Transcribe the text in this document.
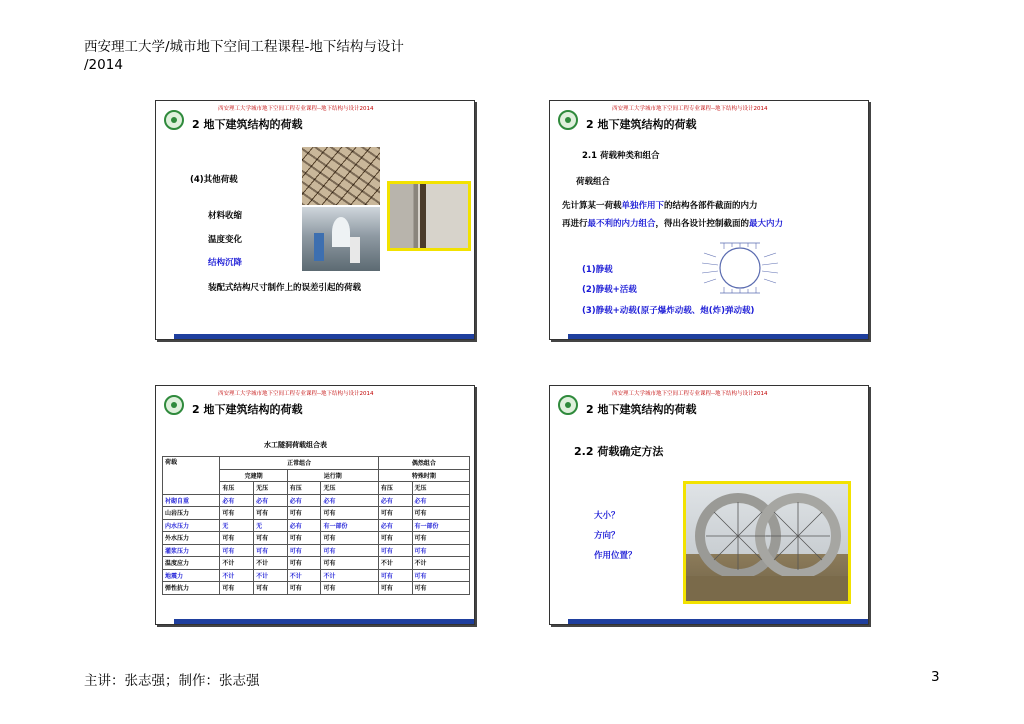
西安理工大学/城市地下空间工程课程-地下结构与设计
/2014
西安理工大学城市地下空间工程专业课程--地下结构与设计2014
2 地下建筑结构的荷载
(4)其他荷载
材料收缩
温度变化
结构沉降
装配式结构尺寸制作上的误差引起的荷载
西安理工大学城市地下空间工程专业课程--地下结构与设计2014
2 地下建筑结构的荷载
2.1 荷载种类和组合
荷载组合
先计算某一荷载单独作用下的结构各部件截面的内力
再进行最不利的内力组合，得出各设计控制截面的最大内力
(1)静载
(2)静载+活载
(3)静载+动载(原子爆炸动载、炮(炸)弹动载)
西安理工大学城市地下空间工程专业课程--地下结构与设计2014
2 地下建筑结构的荷载
水工隧洞荷载组合表
荷载	正常组合				偶然组合	
	完建期		运行期		特殊时期	
	有压	无压	有压	无压	有压	无压
衬砌自重	必有	必有	必有	必有	必有	必有
山岩压力	可有	可有	可有	可有	可有	可有
内水压力	无	无	必有	有一部份	必有	有一部份
外水压力	可有	可有	可有	可有	可有	可有
灌浆压力	可有	可有	可有	可有	可有	可有
温度应力	不计	不计	可有	可有	不计	不计
地震力	不计	不计	不计	不计	可有	可有
弹性抗力	可有	可有	可有	可有	可有	可有
西安理工大学城市地下空间工程专业课程--地下结构与设计2014
2 地下建筑结构的荷载
2.2 荷载确定方法
大小？
方向？
作用位置？
主讲：张志强；制作：张志强	3
